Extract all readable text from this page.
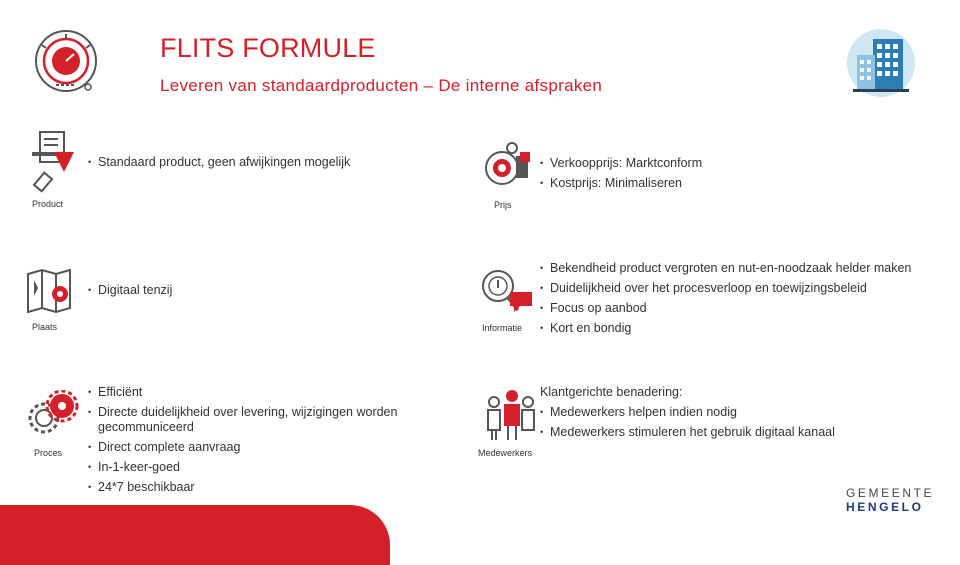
FLITS FORMULE
Leveren van standaardproducten – De interne afspraken
Product
• Standaard product, geen afwijkingen mogelijk
Prijs
• Verkoopprijs: Marktconform
• Kostprijs: Minimaliseren
Plaats
• Digitaal tenzij
Informatie
• Bekendheid product vergroten en nut-en-noodzaak helder maken
• Duidelijkheid over het procesverloop en toewijzingsbeleid
• Focus op aanbod
• Kort en bondig
Proces
• Efficiënt
• Directe duidelijkheid over levering, wijzigingen worden gecommuniceerd
• Direct complete aanvraag
• In-1-keer-goed
• 24*7 beschikbaar
Medewerkers
Klantgerichte benadering:
• Medewerkers helpen indien nodig
• Medewerkers stimuleren het gebruik digitaal kanaal
GEMEENTE
HENGELO
